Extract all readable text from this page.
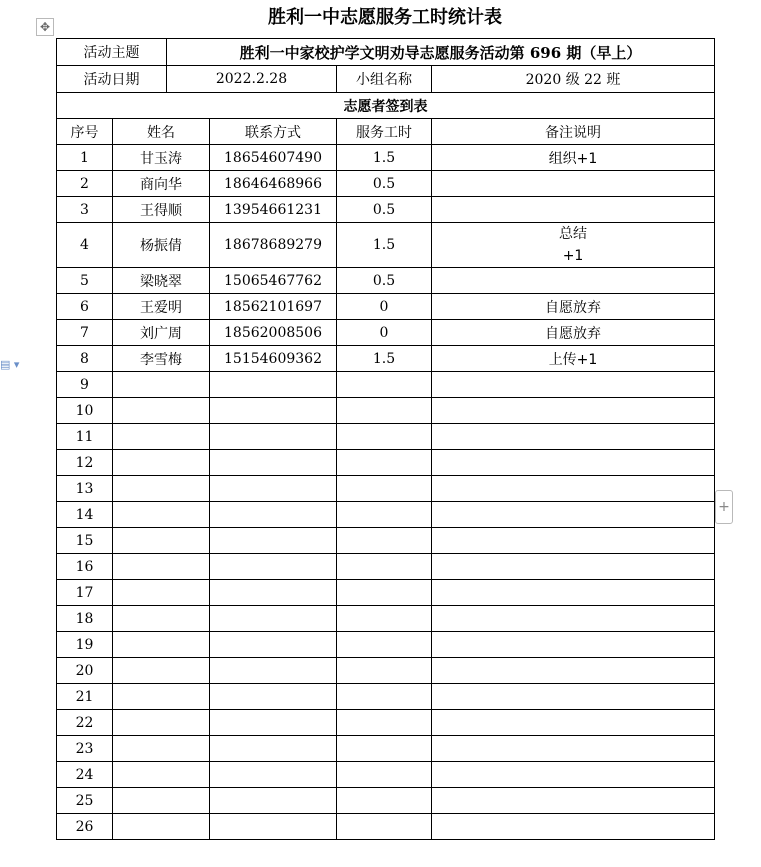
胜利一中志愿服务工时统计表
✥
▤ ▾
+
活动主题		胜利一中家校护学文明劝导志愿服务活动第 696 期（早上）			
活动日期		2022.2.28		小组名称	2020 级 22 班
志愿者签到表					
序号	姓名		联系方式	服务工时	备注说明
1	甘玉涛		18654607490	1.5	组织+1
2	商向华		18646468966	0.5	
3	王得顺		13954661231	0.5	
4	杨振倩		18678689279	1.5	总结
+1
5	梁晓翠		15065467762	0.5	
6	王爱明		18562101697	0	自愿放弃
7	刘广周		18562008506	0	自愿放弃
8	李雪梅		15154609362	1.5	上传+1
9					
10					
11					
12					
13					
14					
15					
16					
17					
18					
19					
20					
21					
22					
23					
24					
25					
26					
